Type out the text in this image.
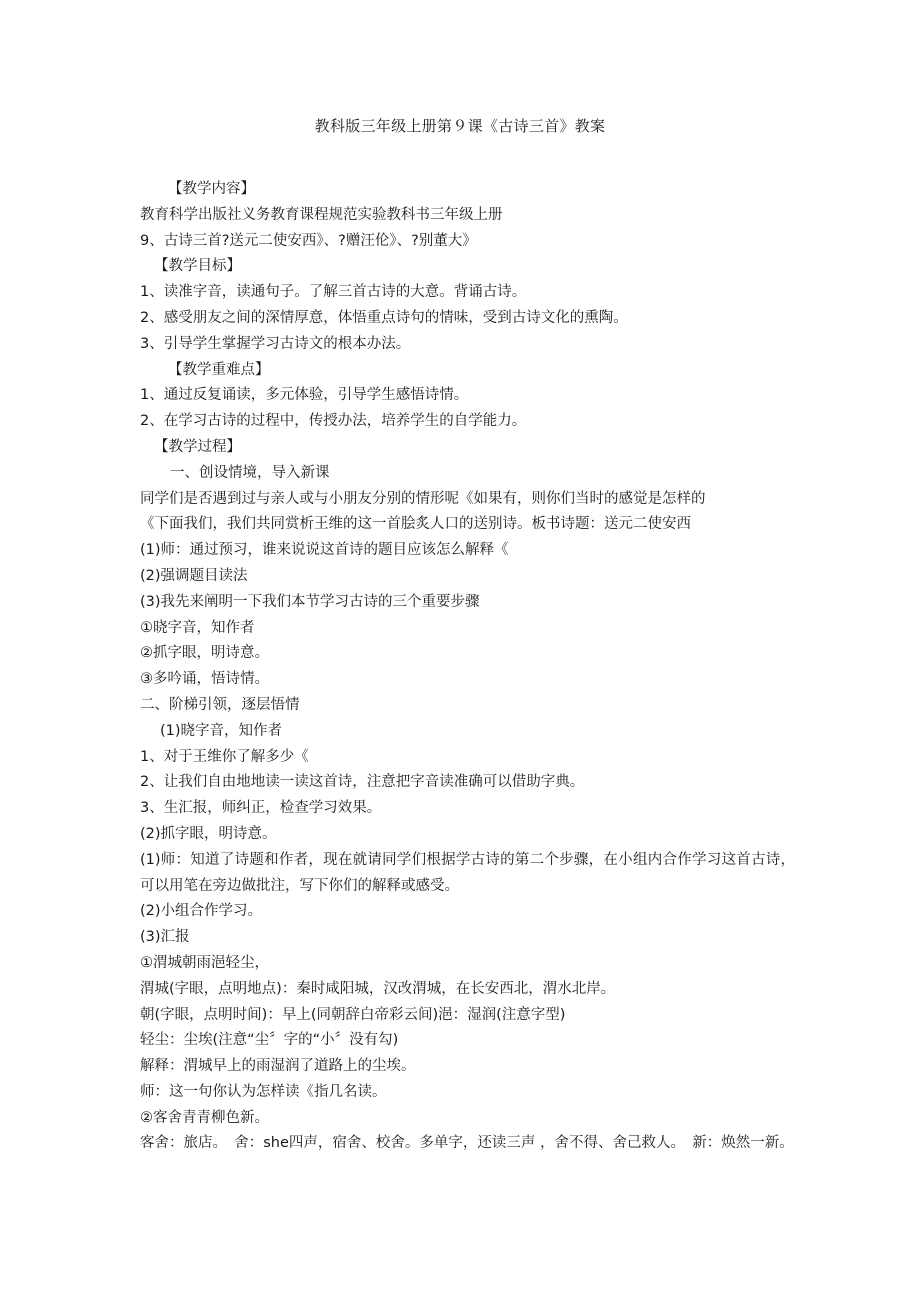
教科版三年级上册第９课《古诗三首》教案
【教学内容】
教育科学出版社义务教育课程规范实验教科书三年级上册
9、古诗三首?送元二使安西》、?赠汪伦》、?别董大》
【教学目标】
1、读准字音，读通句子。了解三首古诗的大意。背诵古诗。
2、感受朋友之间的深情厚意，体悟重点诗句的情味，受到古诗文化的熏陶。
3、引导学生掌握学习古诗文的根本办法。
【教学重难点】
1、通过反复诵读，多元体验，引导学生感悟诗情。
2、在学习古诗的过程中，传授办法，培养学生的自学能力。
【教学过程】
一、创设情境，导入新课
同学们是否遇到过与亲人或与小朋友分别的情形呢《如果有，则你们当时的感觉是怎样的
《下面我们，我们共同赏析王维的这一首脍炙人口的送别诗。板书诗题：送元二使安西
(1)师：通过预习，谁来说说这首诗的题目应该怎么解释《
(2)强调题目读法
(3)我先来阐明一下我们本节学习古诗的三个重要步骤
①晓字音，知作者
②抓字眼，明诗意。
③多吟诵，悟诗情。
二、阶梯引领，逐层悟情
(1)晓字音，知作者
1、对于王维你了解多少《
2、让我们自由地地读一读这首诗，注意把字音读准确可以借助字典。
3、生汇报，师纠正，检查学习效果。
(2)抓字眼，明诗意。
(1)师：知道了诗题和作者，现在就请同学们根据学古诗的第二个步骤，在小组内合作学习这首古诗，可以用笔在旁边做批注，写下你们的解释或感受。
(2)小组合作学习。
(3)汇报
①渭城朝雨浥轻尘，
渭城(字眼，点明地点)：秦时咸阳城，汉改渭城，在长安西北，渭水北岸。
朝(字眼，点明时间)：早上(同朝辞白帝彩云间)浥：湿润(注意字型)
轻尘：尘埃(注意“尘〞字的“小〞没有勾)
解释：渭城早上的雨湿润了道路上的尘埃。
师：这一句你认为怎样读《指几名读。
②客舍青青柳色新。
客舍：旅店。　舍：she四声，宿舍、校舍。多单字，还读三声 ，舍不得、舍己救人。　新：焕然一新。
